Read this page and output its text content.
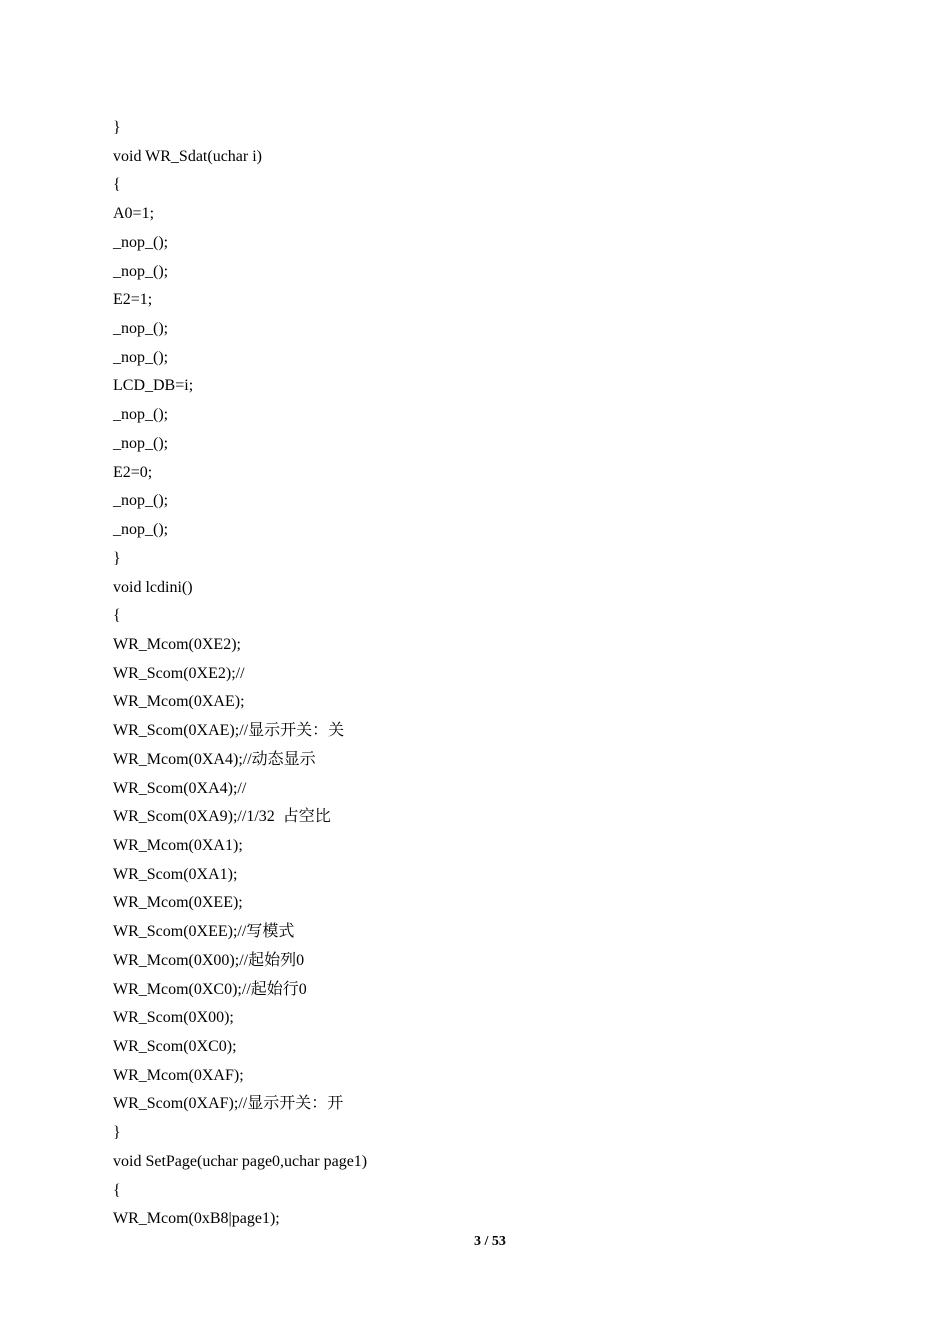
}
void WR_Sdat(uchar i)
{
A0=1;
_nop_();
_nop_();
E2=1;
_nop_();
_nop_();
LCD_DB=i;
_nop_();
_nop_();
E2=0;
_nop_();
_nop_();
}
void lcdini()
{
WR_Mcom(0XE2);
WR_Scom(0XE2);//
WR_Mcom(0XAE);
WR_Scom(0XAE);//显示开关：关
WR_Mcom(0XA4);//动态显示
WR_Scom(0XA4);//
WR_Scom(0XA9);//1/32  占空比
WR_Mcom(0XA1);
WR_Scom(0XA1);
WR_Mcom(0XEE);
WR_Scom(0XEE);//写模式
WR_Mcom(0X00);//起始列0
WR_Mcom(0XC0);//起始行0
WR_Scom(0X00);
WR_Scom(0XC0);
WR_Mcom(0XAF);
WR_Scom(0XAF);//显示开关：开
}
void SetPage(uchar page0,uchar page1)
{
WR_Mcom(0xB8|page1);
3 / 53
